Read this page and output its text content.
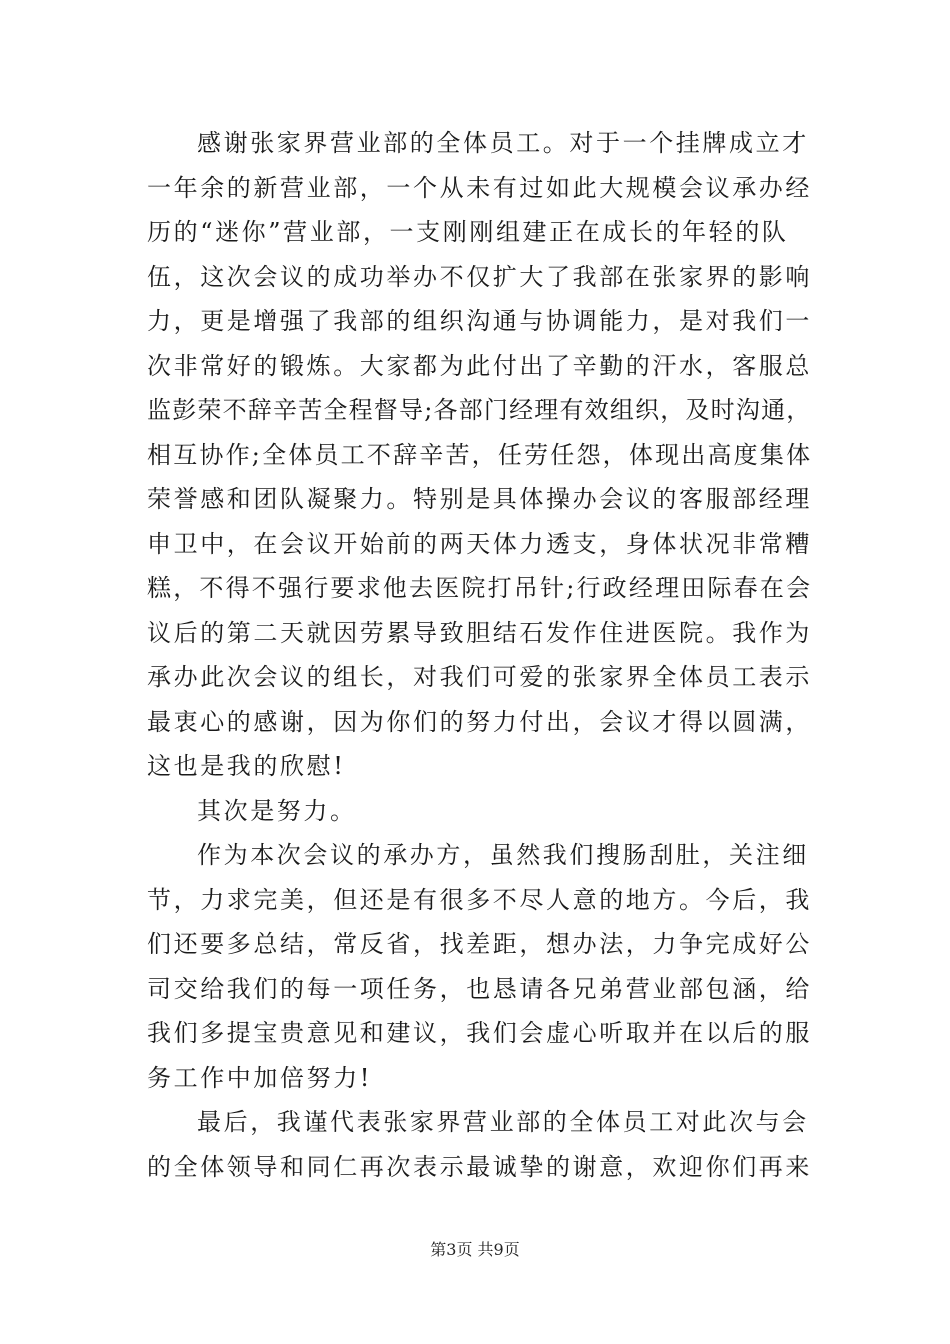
感谢张家界营业部的全体员工。对于一个挂牌成立才
一年余的新营业部，一个从未有过如此大规模会议承办经
历的“迷你”营业部，一支刚刚组建正在成长的年轻的队
伍，这次会议的成功举办不仅扩大了我部在张家界的影响
力，更是增强了我部的组织沟通与协调能力，是对我们一
次非常好的锻炼。大家都为此付出了辛勤的汗水，客服总
监彭荣不辞辛苦全程督导;各部门经理有效组织，及时沟通，
相互协作;全体员工不辞辛苦，任劳任怨，体现出高度集体
荣誉感和团队凝聚力。特别是具体操办会议的客服部经理
申卫中，在会议开始前的两天体力透支，身体状况非常糟
糕，不得不强行要求他去医院打吊针;行政经理田际春在会
议后的第二天就因劳累导致胆结石发作住进医院。我作为
承办此次会议的组长，对我们可爱的张家界全体员工表示
最衷心的感谢，因为你们的努力付出，会议才得以圆满，
这也是我的欣慰!
其次是努力。
作为本次会议的承办方，虽然我们搜肠刮肚，关注细
节，力求完美，但还是有很多不尽人意的地方。今后，我
们还要多总结，常反省，找差距，想办法，力争完成好公
司交给我们的每一项任务，也恳请各兄弟营业部包涵，给
我们多提宝贵意见和建议，我们会虚心听取并在以后的服
务工作中加倍努力!
最后，我谨代表张家界营业部的全体员工对此次与会
的全体领导和同仁再次表示最诚挚的谢意，欢迎你们再来
第3页 共9页
